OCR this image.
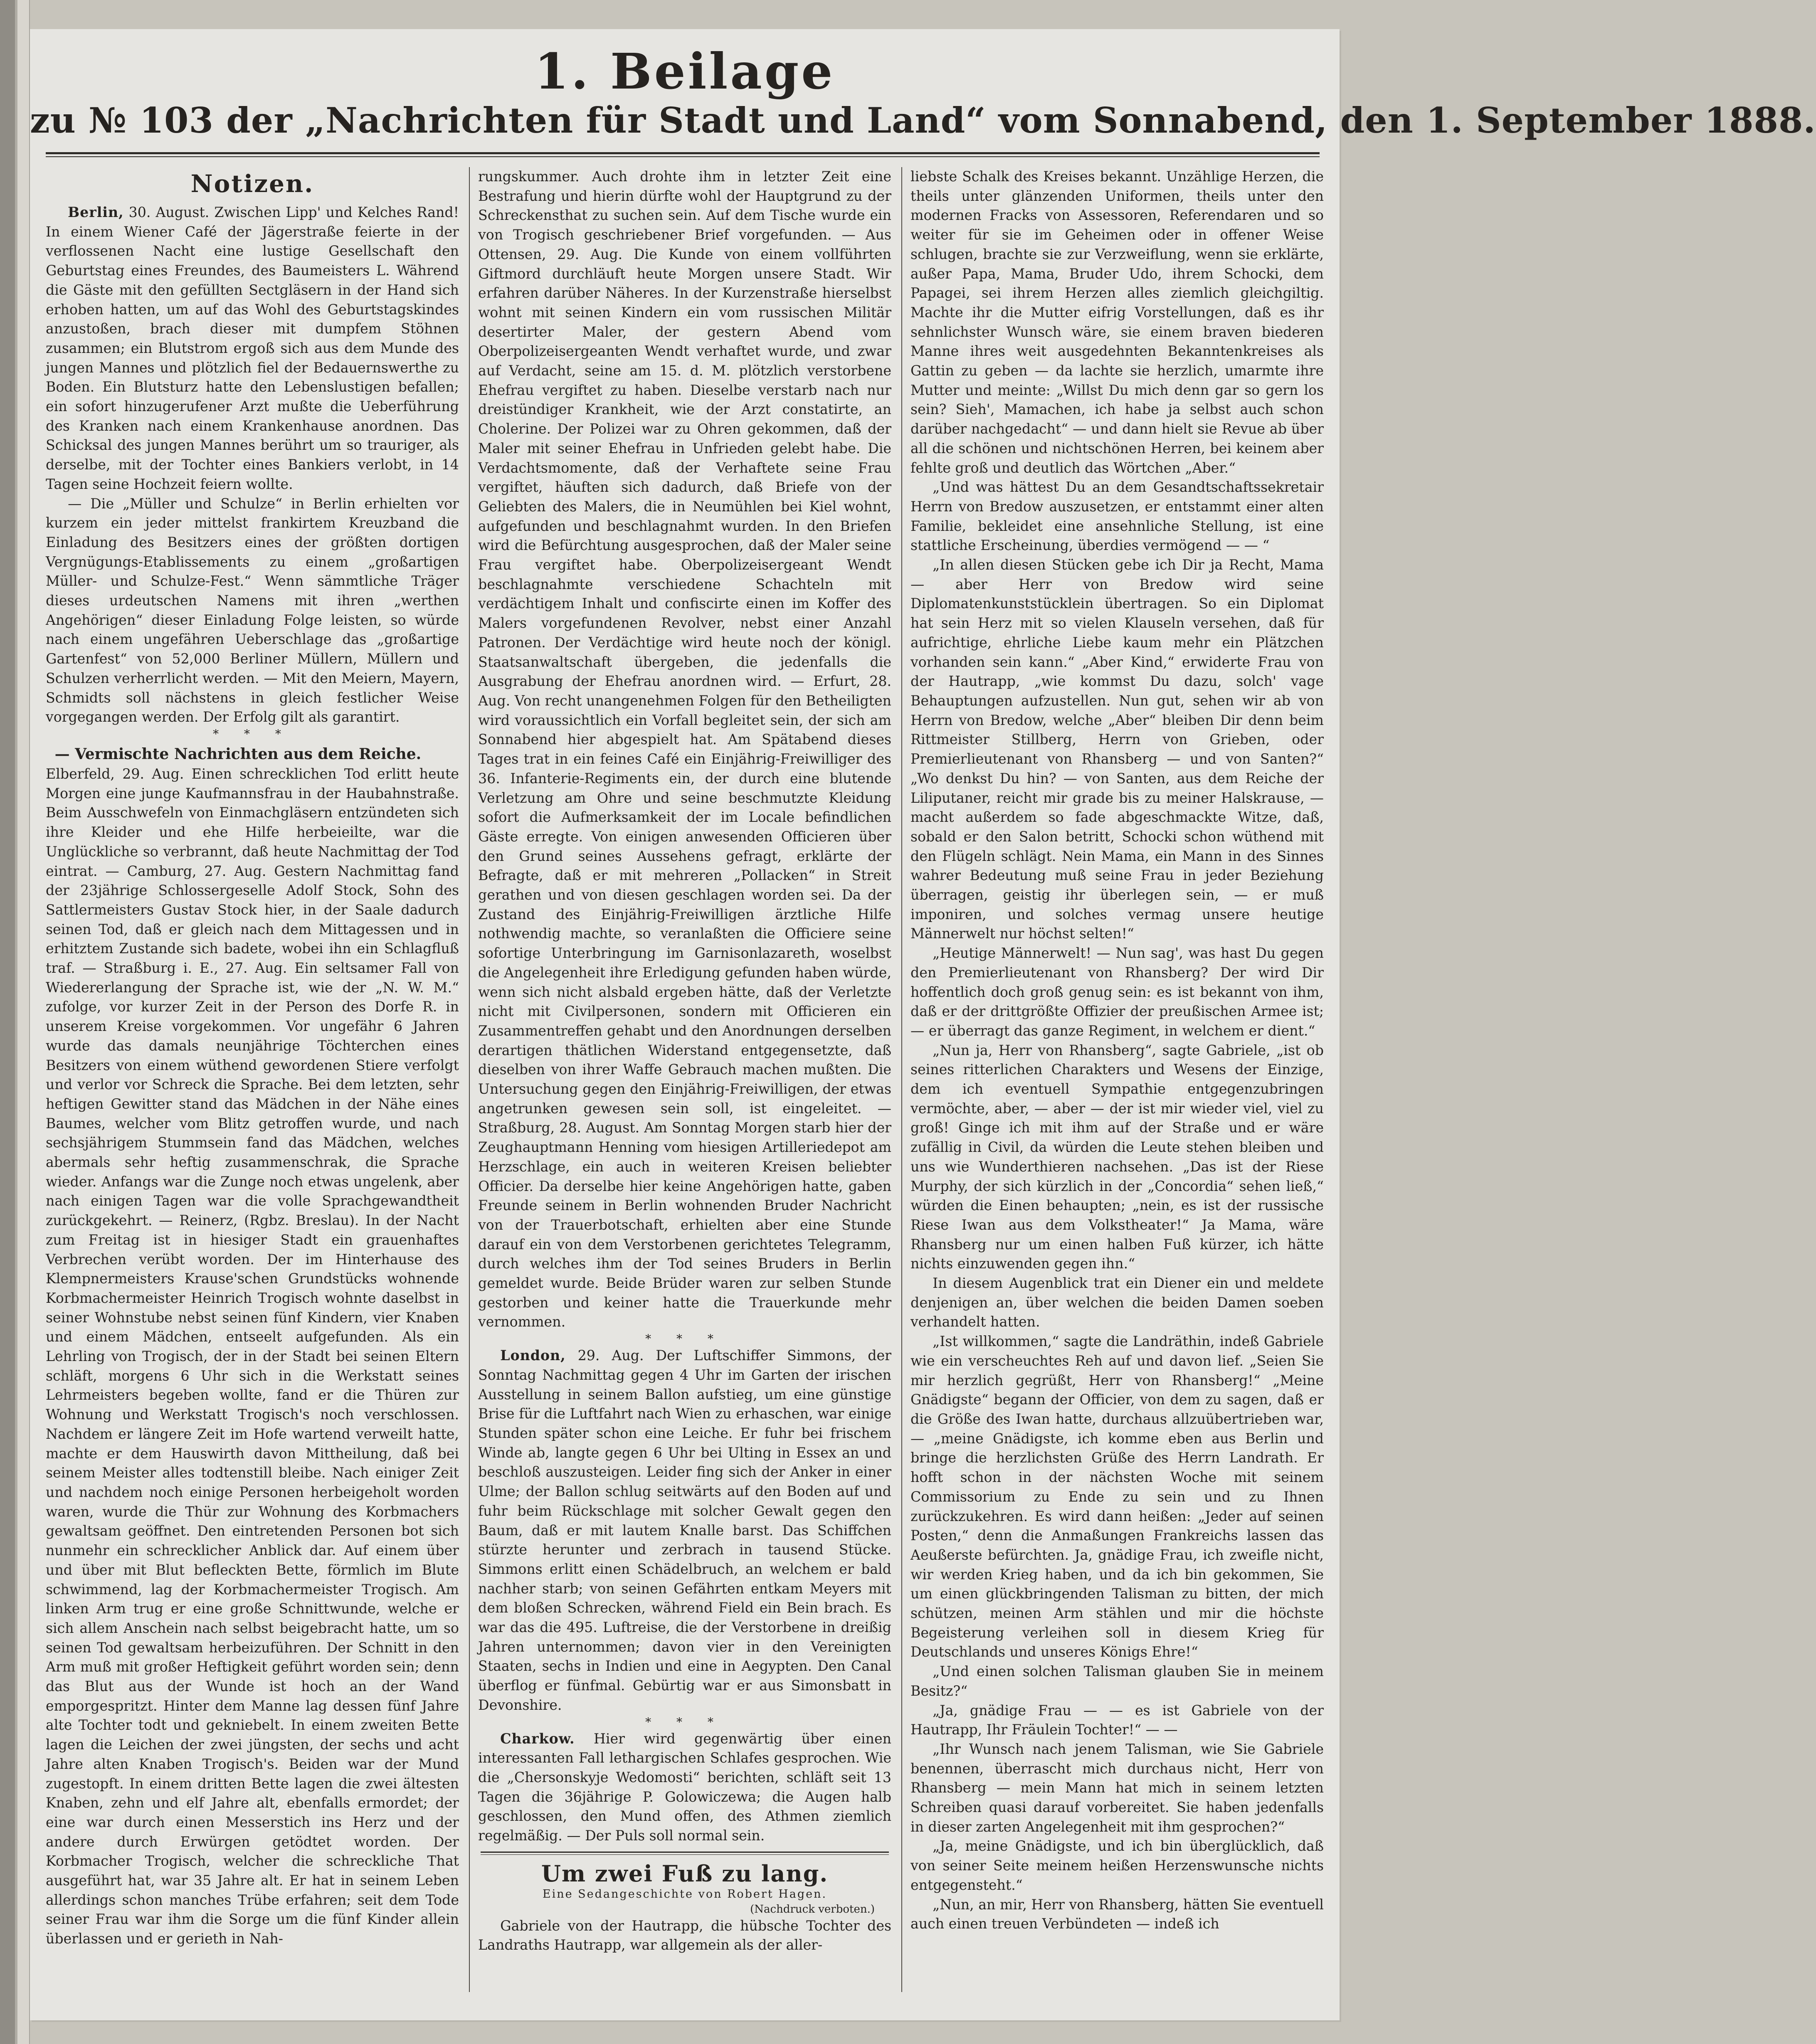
1. Beilage
zu № 103 der „Nachrichten für Stadt und Land“ vom Sonnabend, den 1. September 1888.
Notizen.

Berlin, 30. August. Zwischen Lipp' und Kelches Rand! In einem Wiener Café der Jägerstraße feierte in der verflossenen Nacht eine lustige Gesellschaft den Geburtstag eines Freundes, des Baumeisters L. Während die Gäste mit den gefüllten Sectgläsern in der Hand sich erhoben hatten, um auf das Wohl des Geburtstagskindes anzustoßen, brach dieser mit dumpfem Stöhnen zusammen; ein Blutstrom ergoß sich aus dem Munde des jungen Mannes und plötzlich fiel der Bedauernswerthe zu Boden. Ein Blutsturz hatte den Lebenslustigen befallen; ein sofort hinzugerufener Arzt mußte die Ueberführung des Kranken nach einem Krankenhause anordnen. Das Schicksal des jungen Mannes berührt um so trauriger, als derselbe, mit der Tochter eines Bankiers verlobt, in 14 Tagen seine Hochzeit feiern wollte.

— Die „Müller und Schulze“ in Berlin erhielten vor kurzem ein jeder mittelst frankirtem Kreuzband die Einladung des Besitzers eines der größten dortigen Vergnügungs-Etablissements zu einem „großartigen Müller- und Schulze-Fest.“ Wenn sämmtliche Träger dieses urdeutschen Namens mit ihren „werthen Angehörigen“ dieser Einladung Folge leisten, so würde nach einem ungefähren Ueberschlage das „großartige Gartenfest“ von 52,000 Berliner Müllern, Müllern und Schulzen verherrlicht werden. — Mit den Meiern, Mayern, Schmidts soll nächstens in gleich festlicher Weise vorgegangen werden. Der Erfolg gilt als garantirt.

* * *
— Vermischte Nachrichten aus dem Reiche.

Elberfeld, 29. Aug. Einen schrecklichen Tod erlitt heute Morgen eine junge Kaufmannsfrau in der Haubahnstraße. Beim Ausschwefeln von Einmachgläsern entzündeten sich ihre Kleider und ehe Hilfe herbeieilte, war die Unglückliche so verbrannt, daß heute Nachmittag der Tod eintrat. — Camburg, 27. Aug. Gestern Nachmittag fand der 23jährige Schlossergeselle Adolf Stock, Sohn des Sattlermeisters Gustav Stock hier, in der Saale dadurch seinen Tod, daß er gleich nach dem Mittagessen und in erhitztem Zustande sich badete, wobei ihn ein Schlagfluß traf. — Straßburg i. E., 27. Aug. Ein seltsamer Fall von Wiedererlangung der Sprache ist, wie der „N. W. M.“ zufolge, vor kurzer Zeit in der Person des Dorfe R. in unserem Kreise vorgekommen. Vor ungefähr 6 Jahren wurde das damals neunjährige Töchterchen eines Besitzers von einem wüthend gewordenen Stiere verfolgt und verlor vor Schreck die Sprache. Bei dem letzten, sehr heftigen Gewitter stand das Mädchen in der Nähe eines Baumes, welcher vom Blitz getroffen wurde, und nach sechsjährigem Stummsein fand das Mädchen, welches abermals sehr heftig zusammenschrak, die Sprache wieder. Anfangs war die Zunge noch etwas ungelenk, aber nach einigen Tagen war die volle Sprachgewandtheit zurückgekehrt. — Reinerz, (Rgbz. Breslau). In der Nacht zum Freitag ist in hiesiger Stadt ein grauenhaftes Verbrechen verübt worden. Der im Hinterhause des Klempnermeisters Krause'schen Grundstücks wohnende Korbmachermeister Heinrich Trogisch wohnte daselbst in seiner Wohnstube nebst seinen fünf Kindern, vier Knaben und einem Mädchen, entseelt aufgefunden. Als ein Lehrling von Trogisch, der in der Stadt bei seinen Eltern schläft, morgens 6 Uhr sich in die Werkstatt seines Lehrmeisters begeben wollte, fand er die Thüren zur Wohnung und Werkstatt Trogisch's noch verschlossen. Nachdem er längere Zeit im Hofe wartend verweilt hatte, machte er dem Hauswirth davon Mittheilung, daß bei seinem Meister alles todtenstill bleibe. Nach einiger Zeit und nachdem noch einige Personen herbeigeholt worden waren, wurde die Thür zur Wohnung des Korbmachers gewaltsam geöffnet. Den eintretenden Personen bot sich nunmehr ein schrecklicher Anblick dar. Auf einem über und über mit Blut befleckten Bette, förmlich im Blute schwimmend, lag der Korbmachermeister Trogisch. Am linken Arm trug er eine große Schnittwunde, welche er sich allem Anschein nach selbst beigebracht hatte, um so seinen Tod gewaltsam herbeizuführen. Der Schnitt in den Arm muß mit großer Heftigkeit geführt worden sein; denn das Blut aus der Wunde ist hoch an der Wand emporgespritzt. Hinter dem Manne lag dessen fünf Jahre alte Tochter todt und gekniebelt. In einem zweiten Bette lagen die Leichen der zwei jüngsten, der sechs und acht Jahre alten Knaben Trogisch's. Beiden war der Mund zugestopft. In einem dritten Bette lagen die zwei ältesten Knaben, zehn und elf Jahre alt, ebenfalls ermordet; der eine war durch einen Messerstich ins Herz und der andere durch Erwürgen getödtet worden. Der Korbmacher Trogisch, welcher die schreckliche That ausgeführt hat, war 35 Jahre alt. Er hat in seinem Leben allerdings schon manches Trübe erfahren; seit dem Tode seiner Frau war ihm die Sorge um die fünf Kinder allein überlassen und er gerieth in Nah-

rungskummer. Auch drohte ihm in letzter Zeit eine Bestrafung und hierin dürfte wohl der Hauptgrund zu der Schreckensthat zu suchen sein. Auf dem Tische wurde ein von Trogisch geschriebener Brief vorgefunden. — Aus Ottensen, 29. Aug. Die Kunde von einem vollführten Giftmord durchläuft heute Morgen unsere Stadt. Wir erfahren darüber Näheres. In der Kurzenstraße hierselbst wohnt mit seinen Kindern ein vom russischen Militär desertirter Maler, der gestern Abend vom Oberpolizeisergeanten Wendt verhaftet wurde, und zwar auf Verdacht, seine am 15. d. M. plötzlich verstorbene Ehefrau vergiftet zu haben. Dieselbe verstarb nach nur dreistündiger Krankheit, wie der Arzt constatirte, an Cholerine. Der Polizei war zu Ohren gekommen, daß der Maler mit seiner Ehefrau in Unfrieden gelebt habe. Die Verdachtsmomente, daß der Verhaftete seine Frau vergiftet, häuften sich dadurch, daß Briefe von der Geliebten des Malers, die in Neumühlen bei Kiel wohnt, aufgefunden und beschlagnahmt wurden. In den Briefen wird die Befürchtung ausgesprochen, daß der Maler seine Frau vergiftet habe. Oberpolizeisergeant Wendt beschlagnahmte verschiedene Schachteln mit verdächtigem Inhalt und confiscirte einen im Koffer des Malers vorgefundenen Revolver, nebst einer Anzahl Patronen. Der Verdächtige wird heute noch der königl. Staatsanwaltschaft übergeben, die jedenfalls die Ausgrabung der Ehefrau anordnen wird. — Erfurt, 28. Aug. Von recht unangenehmen Folgen für den Betheiligten wird voraussichtlich ein Vorfall begleitet sein, der sich am Sonnabend hier abgespielt hat. Am Spätabend dieses Tages trat in ein feines Café ein Einjährig-Freiwilliger des 36. Infanterie-Regiments ein, der durch eine blutende Verletzung am Ohre und seine beschmutzte Kleidung sofort die Aufmerksamkeit der im Locale befindlichen Gäste erregte. Von einigen anwesenden Officieren über den Grund seines Aussehens gefragt, erklärte der Befragte, daß er mit mehreren „Pollacken“ in Streit gerathen und von diesen geschlagen worden sei. Da der Zustand des Einjährig-Freiwilligen ärztliche Hilfe nothwendig machte, so veranlaßten die Officiere seine sofortige Unterbringung im Garnisonlazareth, woselbst die Angelegenheit ihre Erledigung gefunden haben würde, wenn sich nicht alsbald ergeben hätte, daß der Verletzte nicht mit Civilpersonen, sondern mit Officieren ein Zusammentreffen gehabt und den Anordnungen derselben derartigen thätlichen Widerstand entgegensetzte, daß dieselben von ihrer Waffe Gebrauch machen mußten. Die Untersuchung gegen den Einjährig-Freiwilligen, der etwas angetrunken gewesen sein soll, ist eingeleitet. — Straßburg, 28. August. Am Sonntag Morgen starb hier der Zeughauptmann Henning vom hiesigen Artilleriedepot am Herzschlage, ein auch in weiteren Kreisen beliebter Officier. Da derselbe hier keine Angehörigen hatte, gaben Freunde seinem in Berlin wohnenden Bruder Nachricht von der Trauerbotschaft, erhielten aber eine Stunde darauf ein von dem Verstorbenen gerichtetes Telegramm, durch welches ihm der Tod seines Bruders in Berlin gemeldet wurde. Beide Brüder waren zur selben Stunde gestorben und keiner hatte die Trauerkunde mehr vernommen.

* * *

London, 29. Aug. Der Luftschiffer Simmons, der Sonntag Nachmittag gegen 4 Uhr im Garten der irischen Ausstellung in seinem Ballon aufstieg, um eine günstige Brise für die Luftfahrt nach Wien zu erhaschen, war einige Stunden später schon eine Leiche. Er fuhr bei frischem Winde ab, langte gegen 6 Uhr bei Ulting in Essex an und beschloß auszusteigen. Leider fing sich der Anker in einer Ulme; der Ballon schlug seitwärts auf den Boden auf und fuhr beim Rückschlage mit solcher Gewalt gegen den Baum, daß er mit lautem Knalle barst. Das Schiffchen stürzte herunter und zerbrach in tausend Stücke. Simmons erlitt einen Schädelbruch, an welchem er bald nachher starb; von seinen Gefährten entkam Meyers mit dem bloßen Schrecken, während Field ein Bein brach. Es war das die 495. Luftreise, die der Verstorbene in dreißig Jahren unternommen; davon vier in den Vereinigten Staaten, sechs in Indien und eine in Aegypten. Den Canal überflog er fünfmal. Gebürtig war er aus Simonsbatt in Devonshire.

* * *

Charkow. Hier wird gegenwärtig über einen interessanten Fall lethargischen Schlafes gesprochen. Wie die „Chersonskyje Wedomosti“ berichten, schläft seit 13 Tagen die 36jährige P. Golowiczewa; die Augen halb geschlossen, den Mund offen, des Athmen ziemlich regelmäßig. — Der Puls soll normal sein.

Um zwei Fuß zu lang.
Eine Sedangeschichte von Robert Hagen.
(Nachdruck verboten.)

Gabriele von der Hautrapp, die hübsche Tochter des Landraths Hautrapp, war allgemein als der aller-

liebste Schalk des Kreises bekannt. Unzählige Herzen, die theils unter glänzenden Uniformen, theils unter den modernen Fracks von Assessoren, Referendaren und so weiter für sie im Geheimen oder in offener Weise schlugen, brachte sie zur Verzweiflung, wenn sie erklärte, außer Papa, Mama, Bruder Udo, ihrem Schocki, dem Papagei, sei ihrem Herzen alles ziemlich gleichgiltig. Machte ihr die Mutter eifrig Vorstellungen, daß es ihr sehnlichster Wunsch wäre, sie einem braven biederen Manne ihres weit ausgedehnten Bekanntenkreises als Gattin zu geben — da lachte sie herzlich, umarmte ihre Mutter und meinte: „Willst Du mich denn gar so gern los sein? Sieh', Mamachen, ich habe ja selbst auch schon darüber nachgedacht“ — und dann hielt sie Revue ab über all die schönen und nichtschönen Herren, bei keinem aber fehlte groß und deutlich das Wörtchen „Aber.“

„Und was hättest Du an dem Gesandtschaftssekretair Herrn von Bredow auszusetzen, er entstammt einer alten Familie, bekleidet eine ansehnliche Stellung, ist eine stattliche Erscheinung, überdies vermögend — — “

„In allen diesen Stücken gebe ich Dir ja Recht, Mama — aber Herr von Bredow wird seine Diplomatenkunststücklein übertragen. So ein Diplomat hat sein Herz mit so vielen Klauseln versehen, daß für aufrichtige, ehrliche Liebe kaum mehr ein Plätzchen vorhanden sein kann.“ „Aber Kind,“ erwiderte Frau von der Hautrapp, „wie kommst Du dazu, solch' vage Behauptungen aufzustellen. Nun gut, sehen wir ab von Herrn von Bredow, welche „Aber“ bleiben Dir denn beim Rittmeister Stillberg, Herrn von Grieben, oder Premierlieutenant von Rhansberg — und von Santen?“ „Wo denkst Du hin? — von Santen, aus dem Reiche der Liliputaner, reicht mir grade bis zu meiner Halskrause, — macht außerdem so fade abgeschmackte Witze, daß, sobald er den Salon betritt, Schocki schon wüthend mit den Flügeln schlägt. Nein Mama, ein Mann in des Sinnes wahrer Bedeutung muß seine Frau in jeder Beziehung überragen, geistig ihr überlegen sein, — er muß imponiren, und solches vermag unsere heutige Männerwelt nur höchst selten!“

„Heutige Männerwelt! — Nun sag', was hast Du gegen den Premierlieutenant von Rhansberg? Der wird Dir hoffentlich doch groß genug sein: es ist bekannt von ihm, daß er der drittgrößte Offizier der preußischen Armee ist; — er überragt das ganze Regiment, in welchem er dient.“

„Nun ja, Herr von Rhansberg“, sagte Gabriele, „ist ob seines ritterlichen Charakters und Wesens der Einzige, dem ich eventuell Sympathie entgegenzubringen vermöchte, aber, — aber — der ist mir wieder viel, viel zu groß! Ginge ich mit ihm auf der Straße und er wäre zufällig in Civil, da würden die Leute stehen bleiben und uns wie Wunderthieren nachsehen. „Das ist der Riese Murphy, der sich kürzlich in der „Concordia“ sehen ließ,“ würden die Einen behaupten; „nein, es ist der russische Riese Iwan aus dem Volkstheater!“ Ja Mama, wäre Rhansberg nur um einen halben Fuß kürzer, ich hätte nichts einzuwenden gegen ihn.“

In diesem Augenblick trat ein Diener ein und meldete denjenigen an, über welchen die beiden Damen soeben verhandelt hatten.

„Ist willkommen,“ sagte die Landräthin, indeß Gabriele wie ein verscheuchtes Reh auf und davon lief. „Seien Sie mir herzlich gegrüßt, Herr von Rhansberg!“ „Meine Gnädigste“ begann der Officier, von dem zu sagen, daß er die Größe des Iwan hatte, durchaus allzuübertrieben war, — „meine Gnädigste, ich komme eben aus Berlin und bringe die herzlichsten Grüße des Herrn Landrath. Er hofft schon in der nächsten Woche mit seinem Commissorium zu Ende zu sein und zu Ihnen zurückzukehren. Es wird dann heißen: „Jeder auf seinen Posten,“ denn die Anmaßungen Frankreichs lassen das Aeußerste befürchten. Ja, gnädige Frau, ich zweifle nicht, wir werden Krieg haben, und da ich bin gekommen, Sie um einen glückbringenden Talisman zu bitten, der mich schützen, meinen Arm stählen und mir die höchste Begeisterung verleihen soll in diesem Krieg für Deutschlands und unseres Königs Ehre!“

„Und einen solchen Talisman glauben Sie in meinem Besitz?“

„Ja, gnädige Frau — — es ist Gabriele von der Hautrapp, Ihr Fräulein Tochter!“ — —

„Ihr Wunsch nach jenem Talisman, wie Sie Gabriele benennen, überrascht mich durchaus nicht, Herr von Rhansberg — mein Mann hat mich in seinem letzten Schreiben quasi darauf vorbereitet. Sie haben jedenfalls in dieser zarten Angelegenheit mit ihm gesprochen?“

„Ja, meine Gnädigste, und ich bin überglücklich, daß von seiner Seite meinem heißen Herzenswunsche nichts entgegensteht.“

„Nun, an mir, Herr von Rhansberg, hätten Sie eventuell auch einen treuen Verbündeten — indeß ich
